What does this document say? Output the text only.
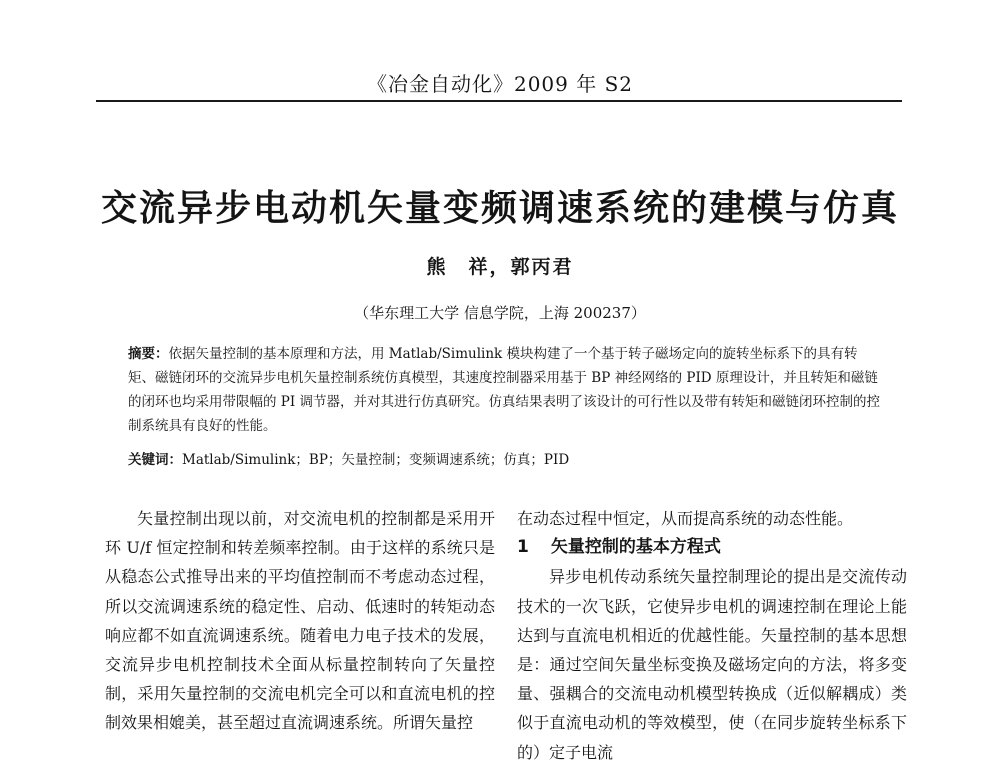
《冶金自动化》2009 年 S2
交流异步电动机矢量变频调速系统的建模与仿真
熊　祥，郭丙君
（华东理工大学 信息学院，上海 200237）
摘要：依据矢量控制的基本原理和方法，用 Matlab/Simulink 模块构建了一个基于转子磁场定向的旋转坐标系下的具有转矩、磁链闭环的交流异步电机矢量控制系统仿真模型，其速度控制器采用基于 BP 神经网络的 PID 原理设计，并且转矩和磁链的闭环也均采用带限幅的 PI 调节器，并对其进行仿真研究。仿真结果表明了该设计的可行性以及带有转矩和磁链闭环控制的控制系统具有良好的性能。
关键词：Matlab/Simulink；BP；矢量控制；变频调速系统；仿真；PID

矢量控制出现以前，对交流电机的控制都是采用开环 U/f 恒定控制和转差频率控制。由于这样的系统只是从稳态公式推导出来的平均值控制而不考虑动态过程，所以交流调速系统的稳定性、启动、低速时的转矩动态响应都不如直流调速系统。随着电力电子技术的发展，交流异步电机控制技术全面从标量控制转向了矢量控制，采用矢量控制的交流电机完全可以和直流电机的控制效果相媲美，甚至超过直流调速系统。所谓矢量控

在动态过程中恒定，从而提高系统的动态性能。

1 矢量控制的基本方程式

异步电机传动系统矢量控制理论的提出是交流传动技术的一次飞跃，它使异步电机的调速控制在理论上能达到与直流电机相近的优越性能。矢量控制的基本思想是：通过空间矢量坐标变换及磁场定向的方法，将多变量、强耦合的交流电动机模型转换成（近似解耦成）类似于直流电动机的等效模型，使（在同步旋转坐标系下的）定子电流
